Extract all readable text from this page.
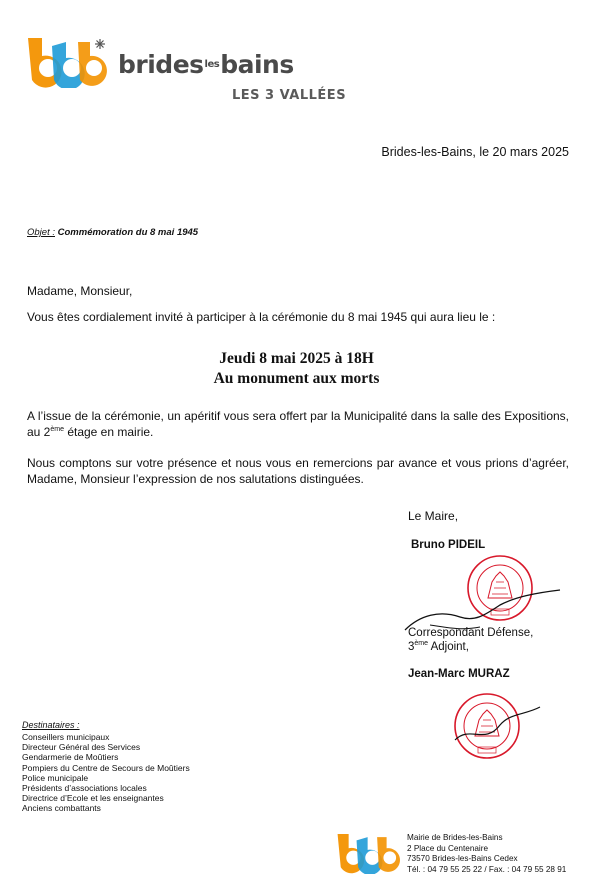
brides$^{les}$bains
LES 3 VALLÉES
Brides-les-Bains, le 20 mars 2025
Objet : Commémoration du 8 mai 1945
Madame, Monsieur,
Vous êtes cordialement invité à participer à la cérémonie du 8 mai 1945 qui aura lieu le :
Jeudi 8 mai 2025 à 18H
Au monument aux morts
A l’issue de la cérémonie, un apéritif vous sera offert par la Municipalité dans la salle des Expositions, au 2ème étage en mairie.
Nous comptons sur votre présence et nous vous en remercions par avance et vous prions d’agréer, Madame, Monsieur l’expression de nos salutations distinguées.
Le Maire,
Bruno PIDEIL
Correspondant Défense,
3ème Adjoint,
Jean-Marc MURAZ
Destinataires :
Conseillers municipaux
Directeur Général des Services
Gendarmerie de Moûtiers
Pompiers du Centre de Secours de Moûtiers
Police municipale
Présidents d’associations locales
Directrice d’Ecole et les enseignantes
Anciens combattants
Mairie de Brides-les-Bains
2 Place du Centenaire
73570 Brides-les-Bains Cedex
Tél. : 04 79 55 25 22 / Fax. : 04 79 55 28 91
